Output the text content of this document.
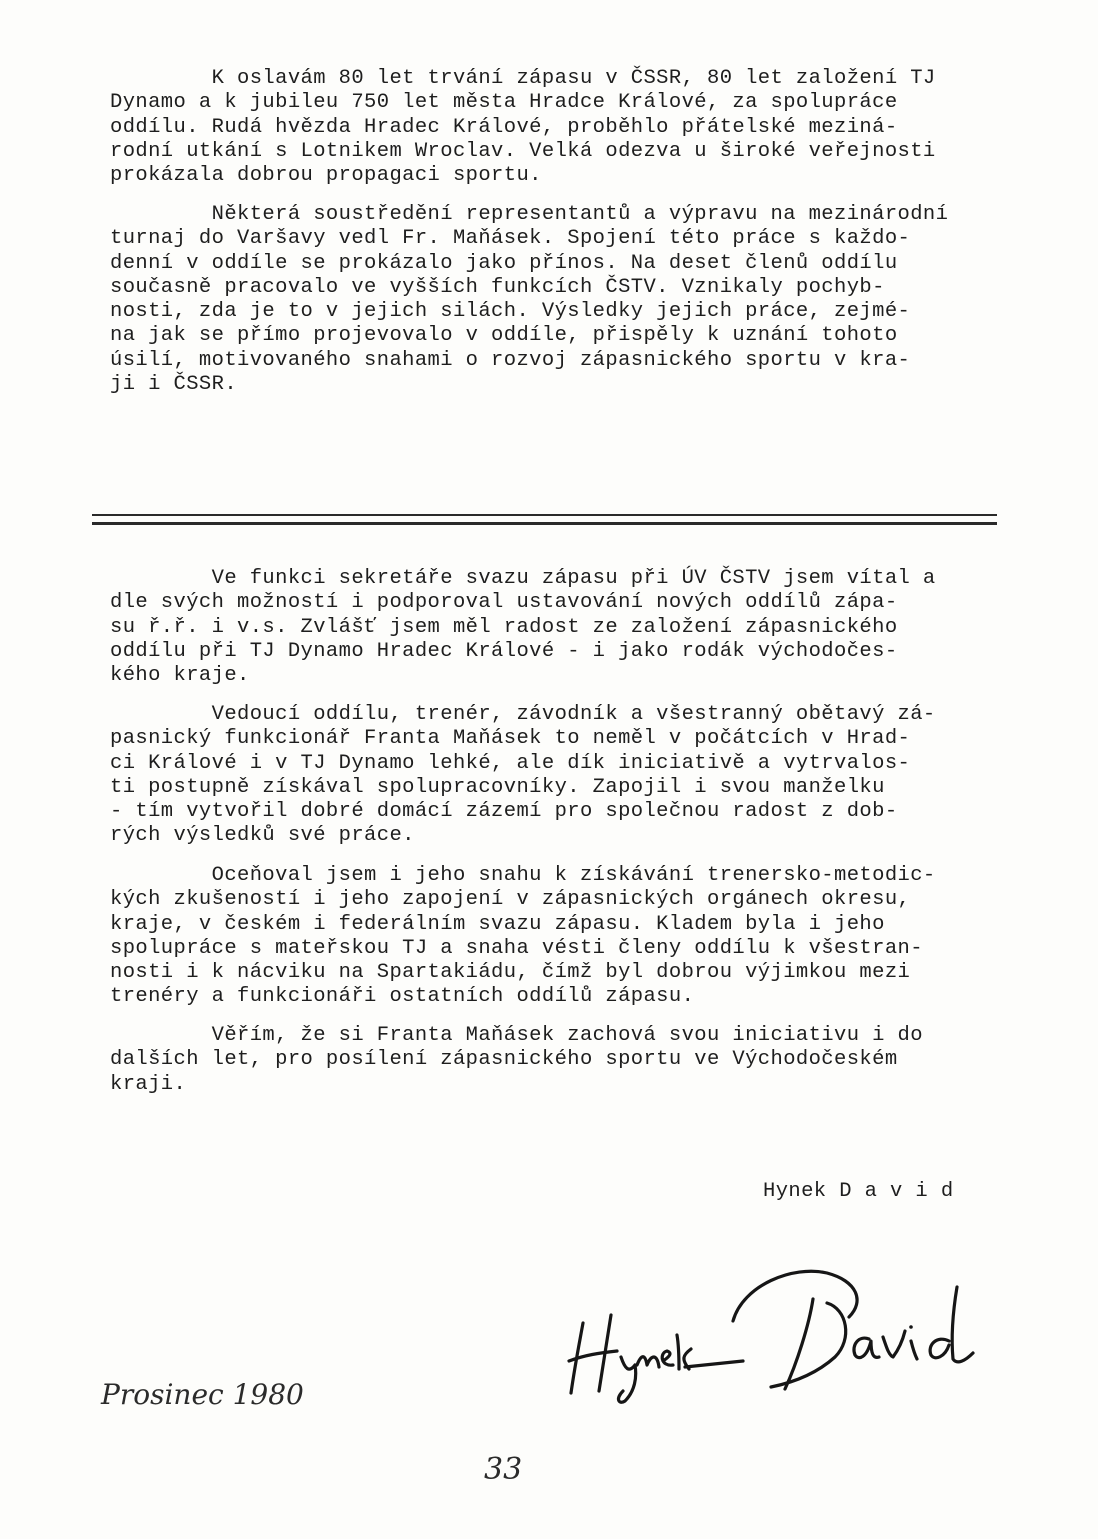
K oslavám 80 let trvání zápasu v ČSSR, 80 let založení TJ
Dynamo a k jubileu 750 let města Hradce Králové, za spolupráce
oddílu. Rudá hvězda Hradec Králové, proběhlo přátelské meziná-
rodní utkání s Lotnikem Wroclav. Velká odezva u široké veřejnosti
prokázala dobrou propagaci sportu.

Některá soustředění representantů a výpravu na mezinárodní
turnaj do Varšavy vedl Fr. Maňásek. Spojení této práce s každo-
denní v oddíle se prokázalo jako přínos. Na deset členů oddílu
současně pracovalo ve vyšších funkcích ČSTV. Vznikaly pochyb-
nosti, zda je to v jejich silách. Výsledky jejich práce, zejmé-
na jak se přímo projevovalo v oddíle, přispěly k uznání tohoto
úsilí, motivovaného snahami o rozvoj zápasnického sportu v kra-
ji i ČSSR.

Ve funkci sekretáře svazu zápasu při ÚV ČSTV jsem vítal a
dle svých možností i podporoval ustavování nových oddílů zápa-
su ř.ř. i v.s. Zvlášť jsem měl radost ze založení zápasnického
oddílu při TJ Dynamo Hradec Králové - i jako rodák východočes-
kého kraje.

Vedoucí oddílu, trenér, závodník a všestranný obětavý zá-
pasnický funkcionář Franta Maňásek to neměl v počátcích v Hrad-
ci Králové i v TJ Dynamo lehké, ale dík iniciativě a vytrvalos-
ti postupně získával spolupracovníky. Zapojil i svou manželku
- tím vytvořil dobré domácí zázemí pro společnou radost z dob-
rých výsledků své práce.

Oceňoval jsem i jeho snahu k získávání trenersko-metodic-
kých zkušeností i jeho zapojení v zápasnických orgánech okresu,
kraje, v českém i federálním svazu zápasu. Kladem byla i jeho
spolupráce s mateřskou TJ a snaha vésti členy oddílu k všestran-
nosti i k nácviku na Spartakiádu, čímž byl dobrou výjimkou mezi
trenéry a funkcionáři ostatních oddílů zápasu.

Věřím, že si Franta Maňásek zachová svou iniciativu i do
dalších let, pro posílení zápasnického sportu ve Východočeském
kraji.

Hynek D a v i d

Prosinec 1980
33
